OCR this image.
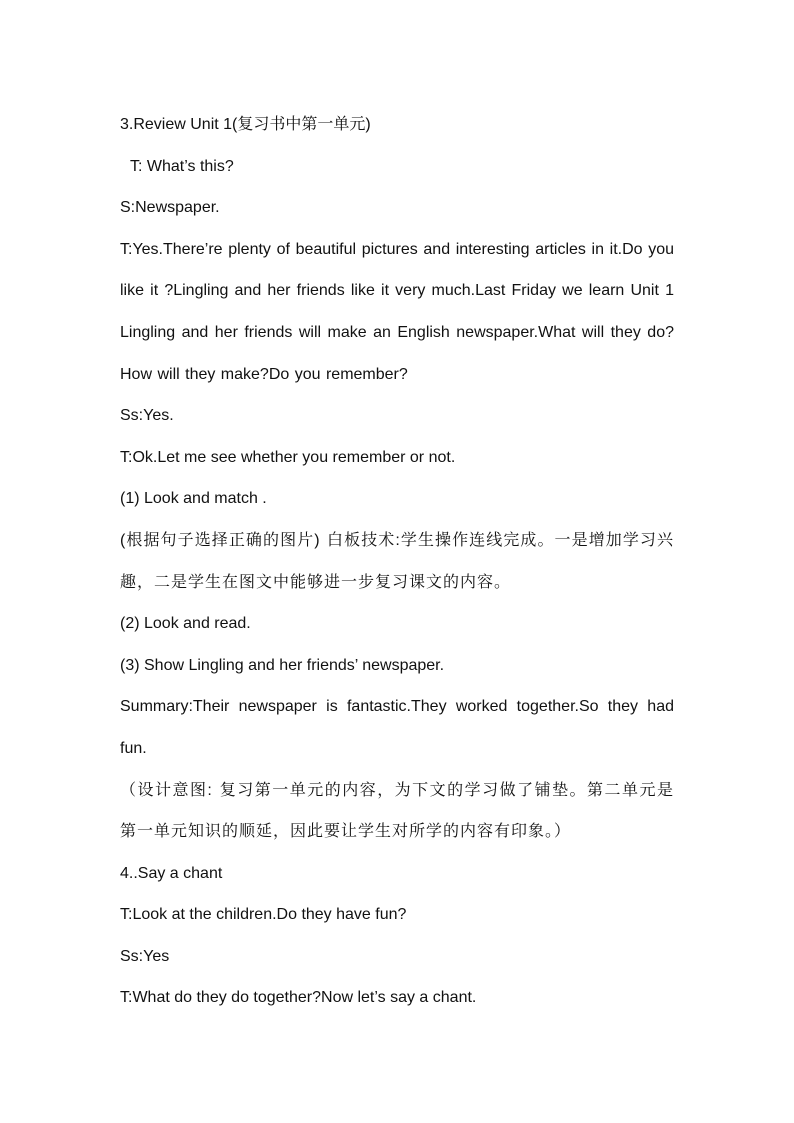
3.Review Unit 1(复习书中第一单元)

T: What’s this?

S:Newspaper.

T:Yes.There’re plenty of beautiful pictures and interesting articles in it.Do you like it ?Lingling and her friends like it very much.Last Friday we learn Unit 1 Lingling and her friends will make an English newspaper.What will they do?How will they make?Do you remember?

Ss:Yes.

T:Ok.Let me see whether you remember or not.

(1) Look and match .

(根据句子选择正确的图片) 白板技术:学生操作连线完成。一是增加学习兴趣，二是学生在图文中能够进一步复习课文的内容。

(2) Look and read.

(3) Show Lingling and her friends’ newspaper.

Summary:Their newspaper is fantastic.They worked together.So they had fun.

（设计意图: 复习第一单元的内容，为下文的学习做了铺垫。第二单元是第一单元知识的顺延，因此要让学生对所学的内容有印象。）

4..Say a chant

T:Look at the children.Do they have fun?

Ss:Yes

T:What do they do together?Now let’s say a chant.
